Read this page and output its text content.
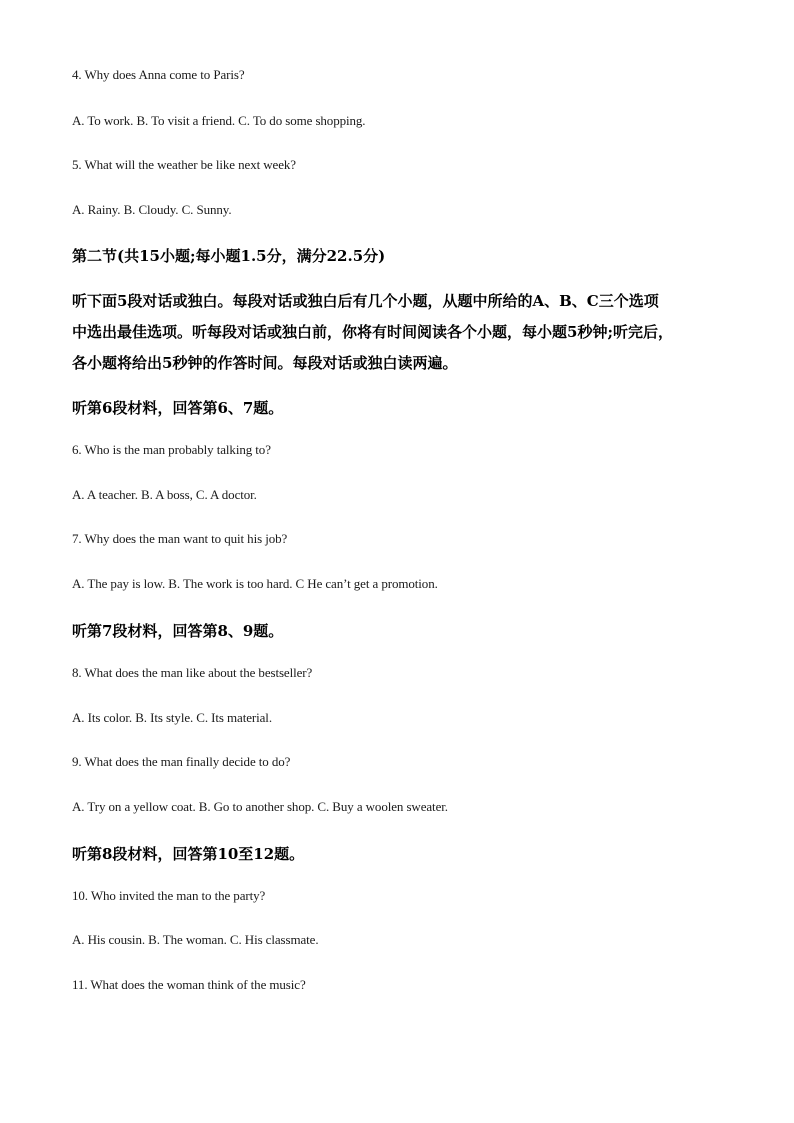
4. Why does Anna come to Paris?
A. To work. B. To visit a friend. C. To do some shopping.
5. What will the weather be like next week?
A. Rainy. B. Cloudy. C. Sunny.
第二节(共15小题;每小题1.5分，满分22.5分)
听下面5段对话或独白。每段对话或独白后有几个小题，从题中所给的A、B、C三个选项
中选出最佳选项。听每段对话或独白前，你将有时间阅读各个小题，每小题5秒钟;听完后，
各小题将给出5秒钟的作答时间。每段对话或独白读两遍。
听第6段材料，回答第6、7题。
6. Who is the man probably talking to?
A. A teacher. B. A boss, C. A doctor.
7. Why does the man want to quit his job?
A. The pay is low. B. The work is too hard. C He can’t get a promotion.
听第7段材料，回答第8、9题。
8. What does the man like about the bestseller?
A. Its color. B. Its style. C. Its material.
9. What does the man finally decide to do?
A. Try on a yellow coat. B. Go to another shop. C. Buy a woolen sweater.
听第8段材料，回答第10至12题。
10. Who invited the man to the party?
A. His cousin. B. The woman. C. His classmate.
11. What does the woman think of the music?
